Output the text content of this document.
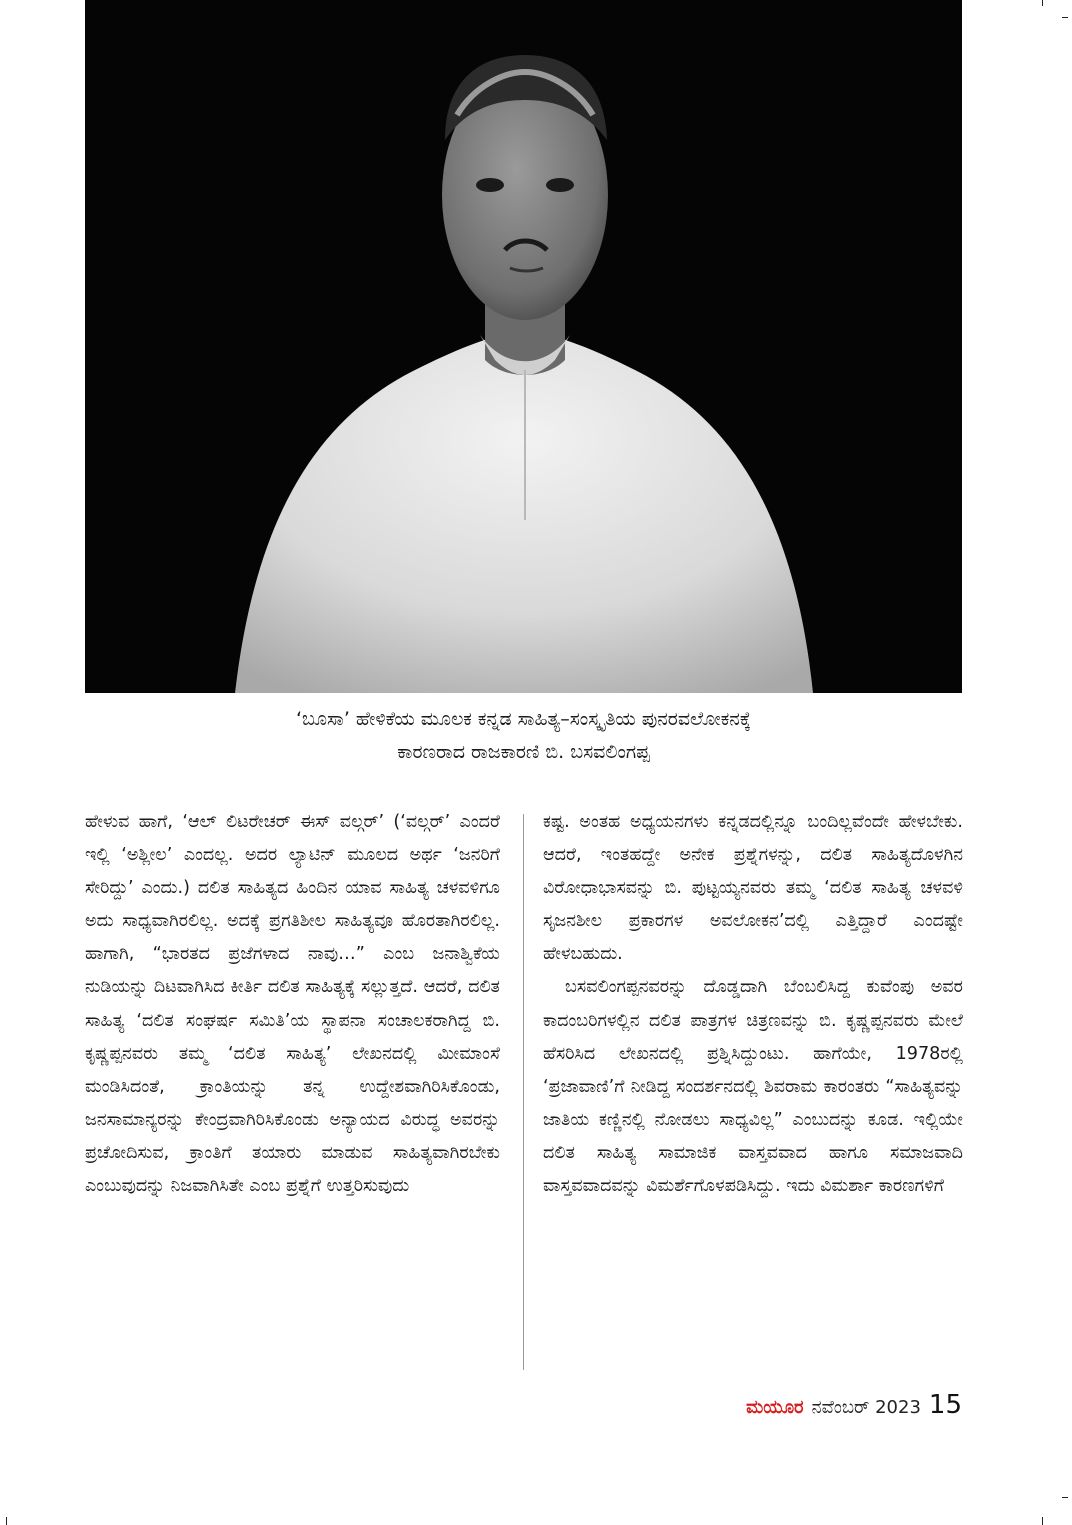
‘ಬೂಸಾ’ ಹೇಳಿಕೆಯ ಮೂಲಕ ಕನ್ನಡ ಸಾಹಿತ್ಯ–ಸಂಸ್ಕೃತಿಯ ಪುನರವಲೋಕನಕ್ಕೆ
ಕಾರಣರಾದ ರಾಜಕಾರಣಿ ಬಿ. ಬಸವಲಿಂಗಪ್ಪ

ಹೇಳುವ ಹಾಗೆ, ‘ಆಲ್ ಲಿಟರೇಚರ್ ಈಸ್ ವಲ್ಗರ್’ (‘ವಲ್ಗರ್’ ಎಂದರೆ ಇಲ್ಲಿ ‘ಅಶ್ಲೀಲ’ ಎಂದಲ್ಲ. ಅದರ ಲ್ಯಾಟಿನ್ ಮೂಲದ ಅರ್ಥ ‘ಜನರಿಗೆ ಸೇರಿದ್ದು’ ಎಂದು.) ದಲಿತ ಸಾಹಿತ್ಯದ ಹಿಂದಿನ ಯಾವ ಸಾಹಿತ್ಯ ಚಳವಳಿಗೂ ಅದು ಸಾಧ್ಯವಾಗಿರಲಿಲ್ಲ. ಅದಕ್ಕೆ ಪ್ರಗತಿಶೀಲ ಸಾಹಿತ್ಯವೂ ಹೊರತಾಗಿರಲಿಲ್ಲ. ಹಾಗಾಗಿ, “ಭಾರತದ ಪ್ರಜೆಗಳಾದ ನಾವು…” ಎಂಬ ಜನಾಶ್ವಿಕೆಯ ನುಡಿಯನ್ನು ದಿಟವಾಗಿಸಿದ ಕೀರ್ತಿ ದಲಿತ ಸಾಹಿತ್ಯಕ್ಕೆ ಸಲ್ಲುತ್ತದೆ. ಆದರೆ, ದಲಿತ ಸಾಹಿತ್ಯ ‘ದಲಿತ ಸಂಘರ್ಷ ಸಮಿತಿ’ಯ ಸ್ಥಾಪನಾ ಸಂಚಾಲಕರಾಗಿದ್ದ ಬಿ. ಕೃಷ್ಣಪ್ಪನವರು ತಮ್ಮ ‘ದಲಿತ ಸಾಹಿತ್ಯ’ ಲೇಖನದಲ್ಲಿ ಮೀಮಾಂಸೆ ಮಂಡಿಸಿದಂತೆ, ಕ್ರಾಂತಿಯನ್ನು ತನ್ನ ಉದ್ದೇಶವಾಗಿರಿಸಿಕೊಂಡು, ಜನಸಾಮಾನ್ಯರನ್ನು ಕೇಂದ್ರವಾಗಿರಿಸಿಕೊಂಡು ಅನ್ಯಾಯದ ವಿರುದ್ಧ ಅವರನ್ನು ಪ್ರಚೋದಿಸುವ, ಕ್ರಾಂತಿಗೆ ತಯಾರು ಮಾಡುವ ಸಾಹಿತ್ಯವಾಗಿರಬೇಕು ಎಂಬುವುದನ್ನು ನಿಜವಾಗಿಸಿತೇ ಎಂಬ ಪ್ರಶ್ನೆಗೆ ಉತ್ತರಿಸುವುದು

ಕಷ್ಟ. ಅಂತಹ ಅಧ್ಯಯನಗಳು ಕನ್ನಡದಲ್ಲಿನ್ನೂ ಬಂದಿಲ್ಲವೆಂದೇ ಹೇಳಬೇಕು. ಆದರೆ, ಇಂತಹದ್ದೇ ಅನೇಕ ಪ್ರಶ್ನೆಗಳನ್ನು, ದಲಿತ ಸಾಹಿತ್ಯದೊಳಗಿನ ವಿರೋಧಾಭಾಸವನ್ನು ಬಿ. ಪುಟ್ಟಯ್ಯನವರು ತಮ್ಮ ‘ದಲಿತ ಸಾಹಿತ್ಯ ಚಳವಳಿ ಸೃಜನಶೀಲ ಪ್ರಕಾರಗಳ ಅವಲೋಕನ’ದಲ್ಲಿ ಎತ್ತಿದ್ದಾರೆ ಎಂದಷ್ಟೇ ಹೇಳಬಹುದು.

ಬಸವಲಿಂಗಪ್ಪನವರನ್ನು ದೊಡ್ಡದಾಗಿ ಬೆಂಬಲಿಸಿದ್ದ ಕುವೆಂಪು ಅವರ ಕಾದಂಬರಿಗಳಲ್ಲಿನ ದಲಿತ ಪಾತ್ರಗಳ ಚಿತ್ರಣವನ್ನು ಬಿ. ಕೃಷ್ಣಪ್ಪನವರು ಮೇಲೆ ಹೆಸರಿಸಿದ ಲೇಖನದಲ್ಲಿ ಪ್ರಶ್ನಿಸಿದ್ದುಂಟು. ಹಾಗೆಯೇ, 1978ರಲ್ಲಿ ‘ಪ್ರಜಾವಾಣಿ’ಗೆ ನೀಡಿದ್ದ ಸಂದರ್ಶನದಲ್ಲಿ ಶಿವರಾಮ ಕಾರಂತರು “ಸಾಹಿತ್ಯವನ್ನು ಜಾತಿಯ ಕಣ್ಣಿನಲ್ಲಿ ನೋಡಲು ಸಾಧ್ಯವಿಲ್ಲ” ಎಂಬುದನ್ನು ಕೂಡ. ಇಲ್ಲಿಯೇ ದಲಿತ ಸಾಹಿತ್ಯ ಸಾಮಾಜಿಕ ವಾಸ್ತವವಾದ ಹಾಗೂ ಸಮಾಜವಾದಿ ವಾಸ್ತವವಾದವನ್ನು ವಿಮರ್ಶೆಗೊಳಪಡಿಸಿದ್ದು. ಇದು ವಿಮರ್ಶಾ ಕಾರಣಗಳಿಗೆ

ಮಯೂರ ನವೆಂಬರ್ 2023 15
